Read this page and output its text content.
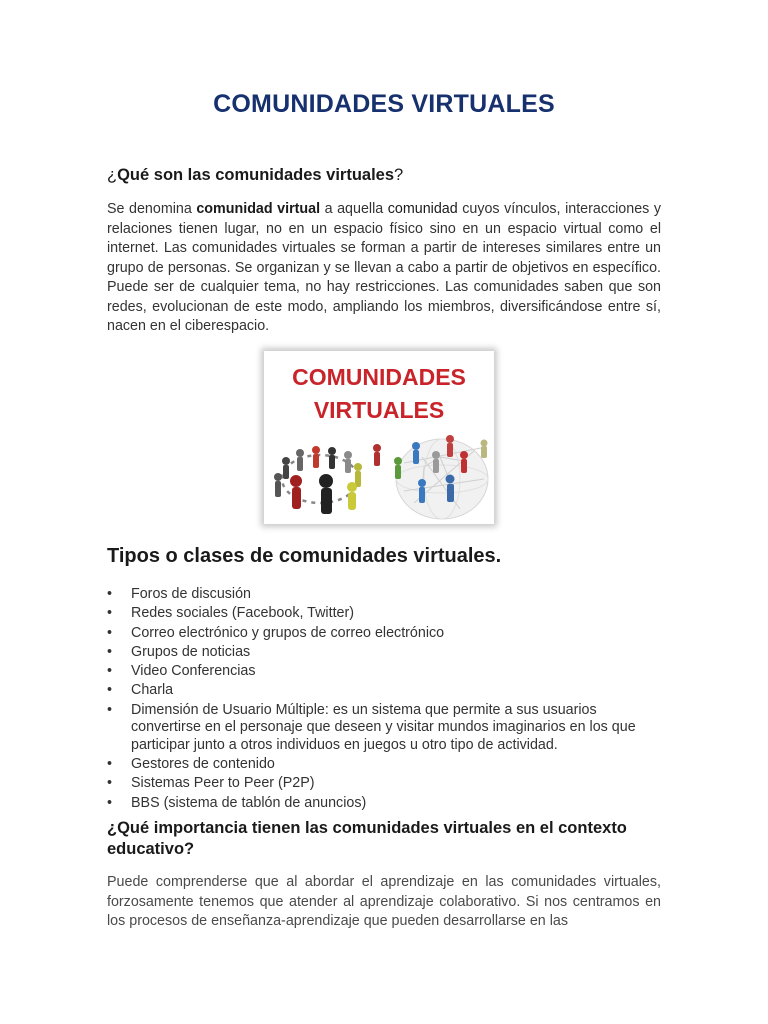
COMUNIDADES VIRTUALES
¿Qué son las comunidades virtuales?

Se denomina comunidad virtual a aquella comunidad cuyos vínculos, interacciones y relaciones tienen lugar, no en un espacio físico sino en un espacio virtual como el internet. Las comunidades virtuales se forman a partir de intereses similares entre un grupo de personas. Se organizan y se llevan a cabo a partir de objetivos en específico. Puede ser de cualquier tema, no hay restricciones. Las comunidades saben que son redes, evolucionan de este modo, ampliando los miembros, diversificándose entre sí, nacen en el ciberespacio.

COMUNIDADES
VIRTUALES
Tipos o clases de comunidades virtuales.
• Foros de discusión
• Redes sociales (Facebook, Twitter)
• Correo electrónico y grupos de correo electrónico
• Grupos de noticias
• Video Conferencias
• Charla
• Dimensión de Usuario Múltiple: es un sistema que permite a sus usuarios convertirse en el personaje que deseen y visitar mundos imaginarios en los que participar junto a otros individuos en juegos u otro tipo de actividad.
• Gestores de contenido
• Sistemas Peer to Peer (P2P)
• BBS (sistema de tablón de anuncios)
¿Qué importancia tienen las comunidades virtuales en el contexto educativo?

Puede comprenderse que al abordar el aprendizaje en las comunidades virtuales, forzosamente tenemos que atender al aprendizaje colaborativo. Si nos centramos en los procesos de enseñanza-aprendizaje que pueden desarrollarse en las
